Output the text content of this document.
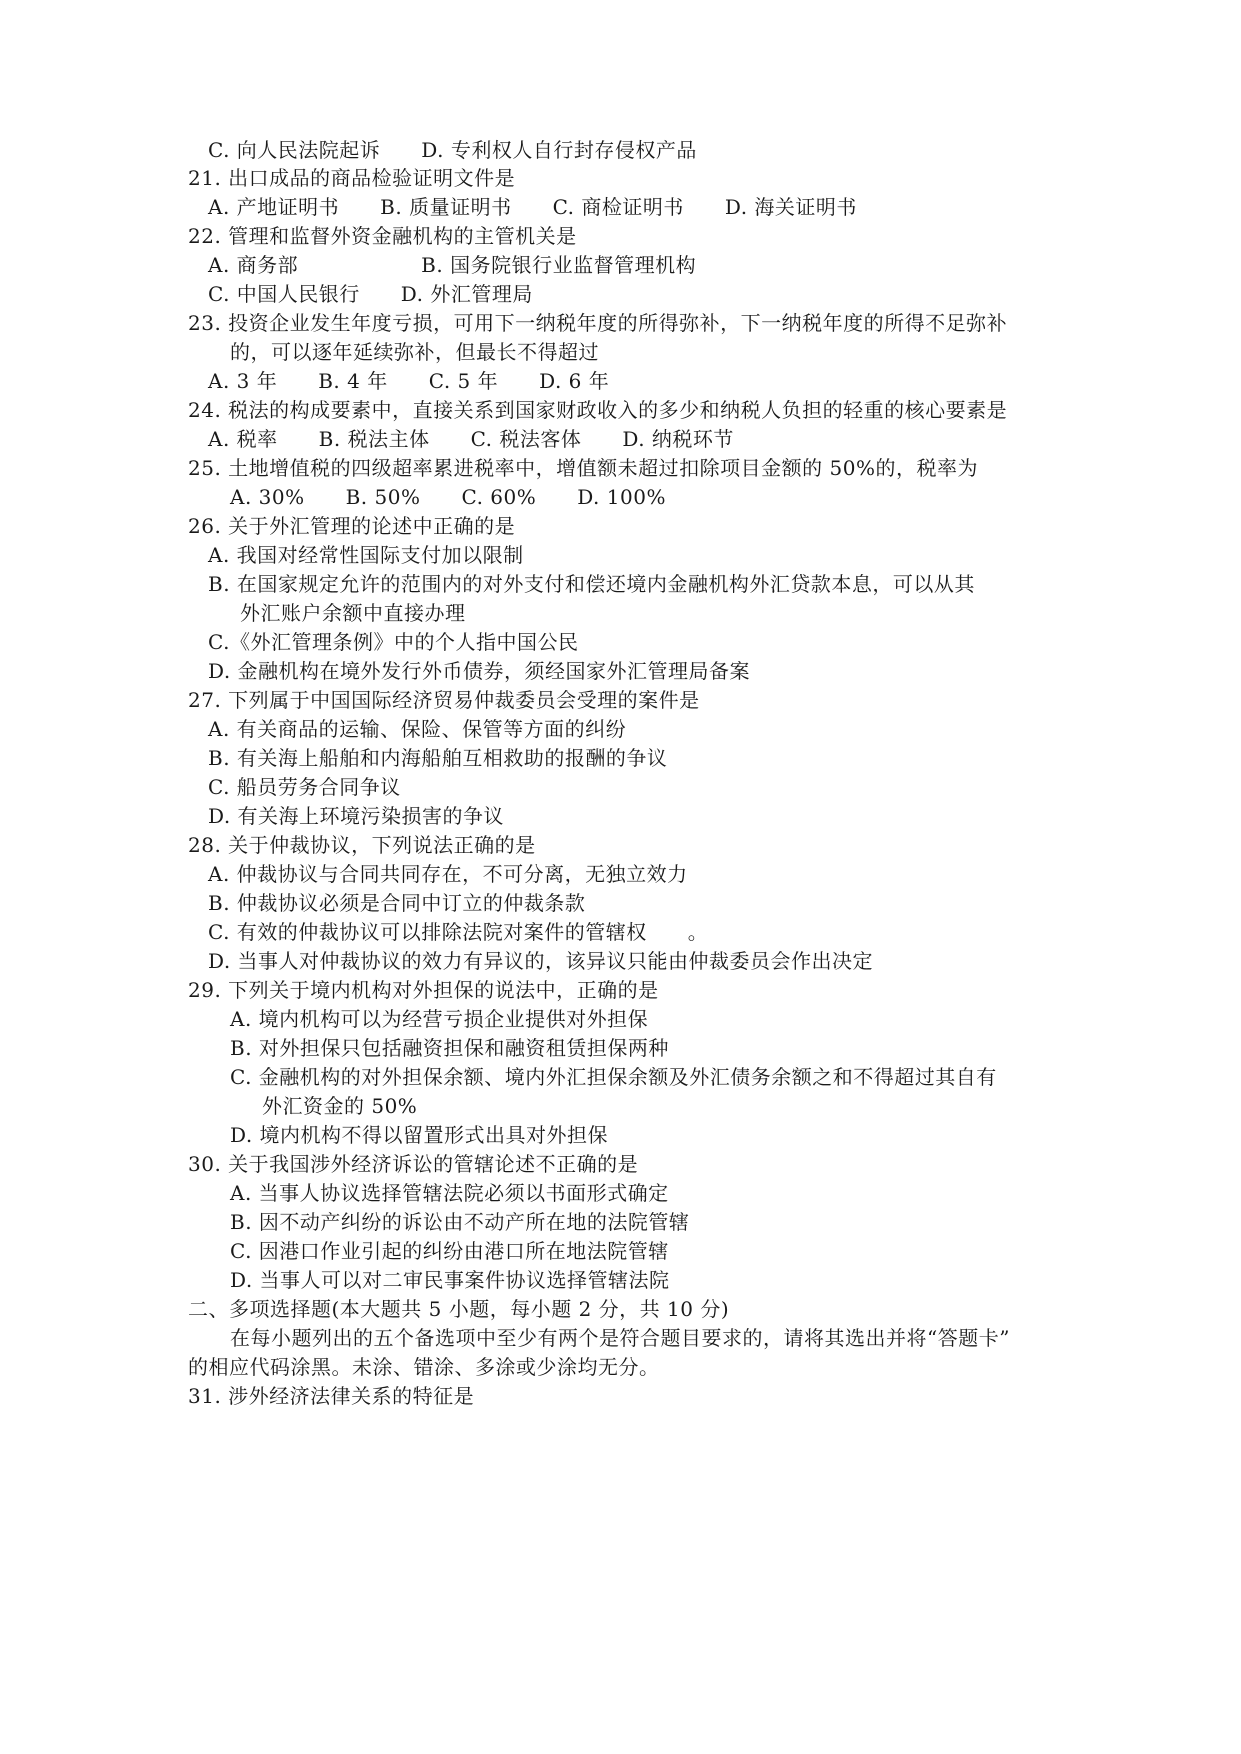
C. 向人民法院起诉　　D. 专利权人自行封存侵权产品
21. 出口成品的商品检验证明文件是
A. 产地证明书　　B. 质量证明书　　C. 商检证明书　　D. 海关证明书
22. 管理和监督外资金融机构的主管机关是
A. 商务部　　　　　　B. 国务院银行业监督管理机构
C. 中国人民银行　　D. 外汇管理局
23. 投资企业发生年度亏损，可用下一纳税年度的所得弥补，下一纳税年度的所得不足弥补
的，可以逐年延续弥补，但最长不得超过
A. 3 年　　B. 4 年　　C. 5 年　　D. 6 年
24. 税法的构成要素中，直接关系到国家财政收入的多少和纳税人负担的轻重的核心要素是
A. 税率　　B. 税法主体　　C. 税法客体　　D. 纳税环节
25. 土地增值税的四级超率累进税率中，增值额未超过扣除项目金额的 50%的，税率为
A. 30%　　B. 50%　　C. 60%　　D. 100%
26. 关于外汇管理的论述中正确的是
A. 我国对经常性国际支付加以限制
B. 在国家规定允许的范围内的对外支付和偿还境内金融机构外汇贷款本息，可以从其
外汇账户余额中直接办理
C.《外汇管理条例》中的个人指中国公民
D. 金融机构在境外发行外币债券，须经国家外汇管理局备案
27. 下列属于中国国际经济贸易仲裁委员会受理的案件是
A. 有关商品的运输、保险、保管等方面的纠纷
B. 有关海上船舶和内海船舶互相救助的报酬的争议
C. 船员劳务合同争议
D. 有关海上环境污染损害的争议
28. 关于仲裁协议，下列说法正确的是
A. 仲裁协议与合同共同存在，不可分离，无独立效力
B. 仲裁协议必须是合同中订立的仲裁条款
C. 有效的仲裁协议可以排除法院对案件的管辖权　　。
D. 当事人对仲裁协议的效力有异议的，该异议只能由仲裁委员会作出决定
29. 下列关于境内机构对外担保的说法中，正确的是
A. 境内机构可以为经营亏损企业提供对外担保
B. 对外担保只包括融资担保和融资租赁担保两种
C. 金融机构的对外担保余额、境内外汇担保余额及外汇债务余额之和不得超过其自有
外汇资金的 50%
D. 境内机构不得以留置形式出具对外担保
30. 关于我国涉外经济诉讼的管辖论述不正确的是
A. 当事人协议选择管辖法院必须以书面形式确定
B. 因不动产纠纷的诉讼由不动产所在地的法院管辖
C. 因港口作业引起的纠纷由港口所在地法院管辖
D. 当事人可以对二审民事案件协议选择管辖法院
二、多项选择题(本大题共 5 小题，每小题 2 分，共 10 分)
在每小题列出的五个备选项中至少有两个是符合题目要求的，请将其选出并将“答题卡”
的相应代码涂黑。未涂、错涂、多涂或少涂均无分。
31. 涉外经济法律关系的特征是
